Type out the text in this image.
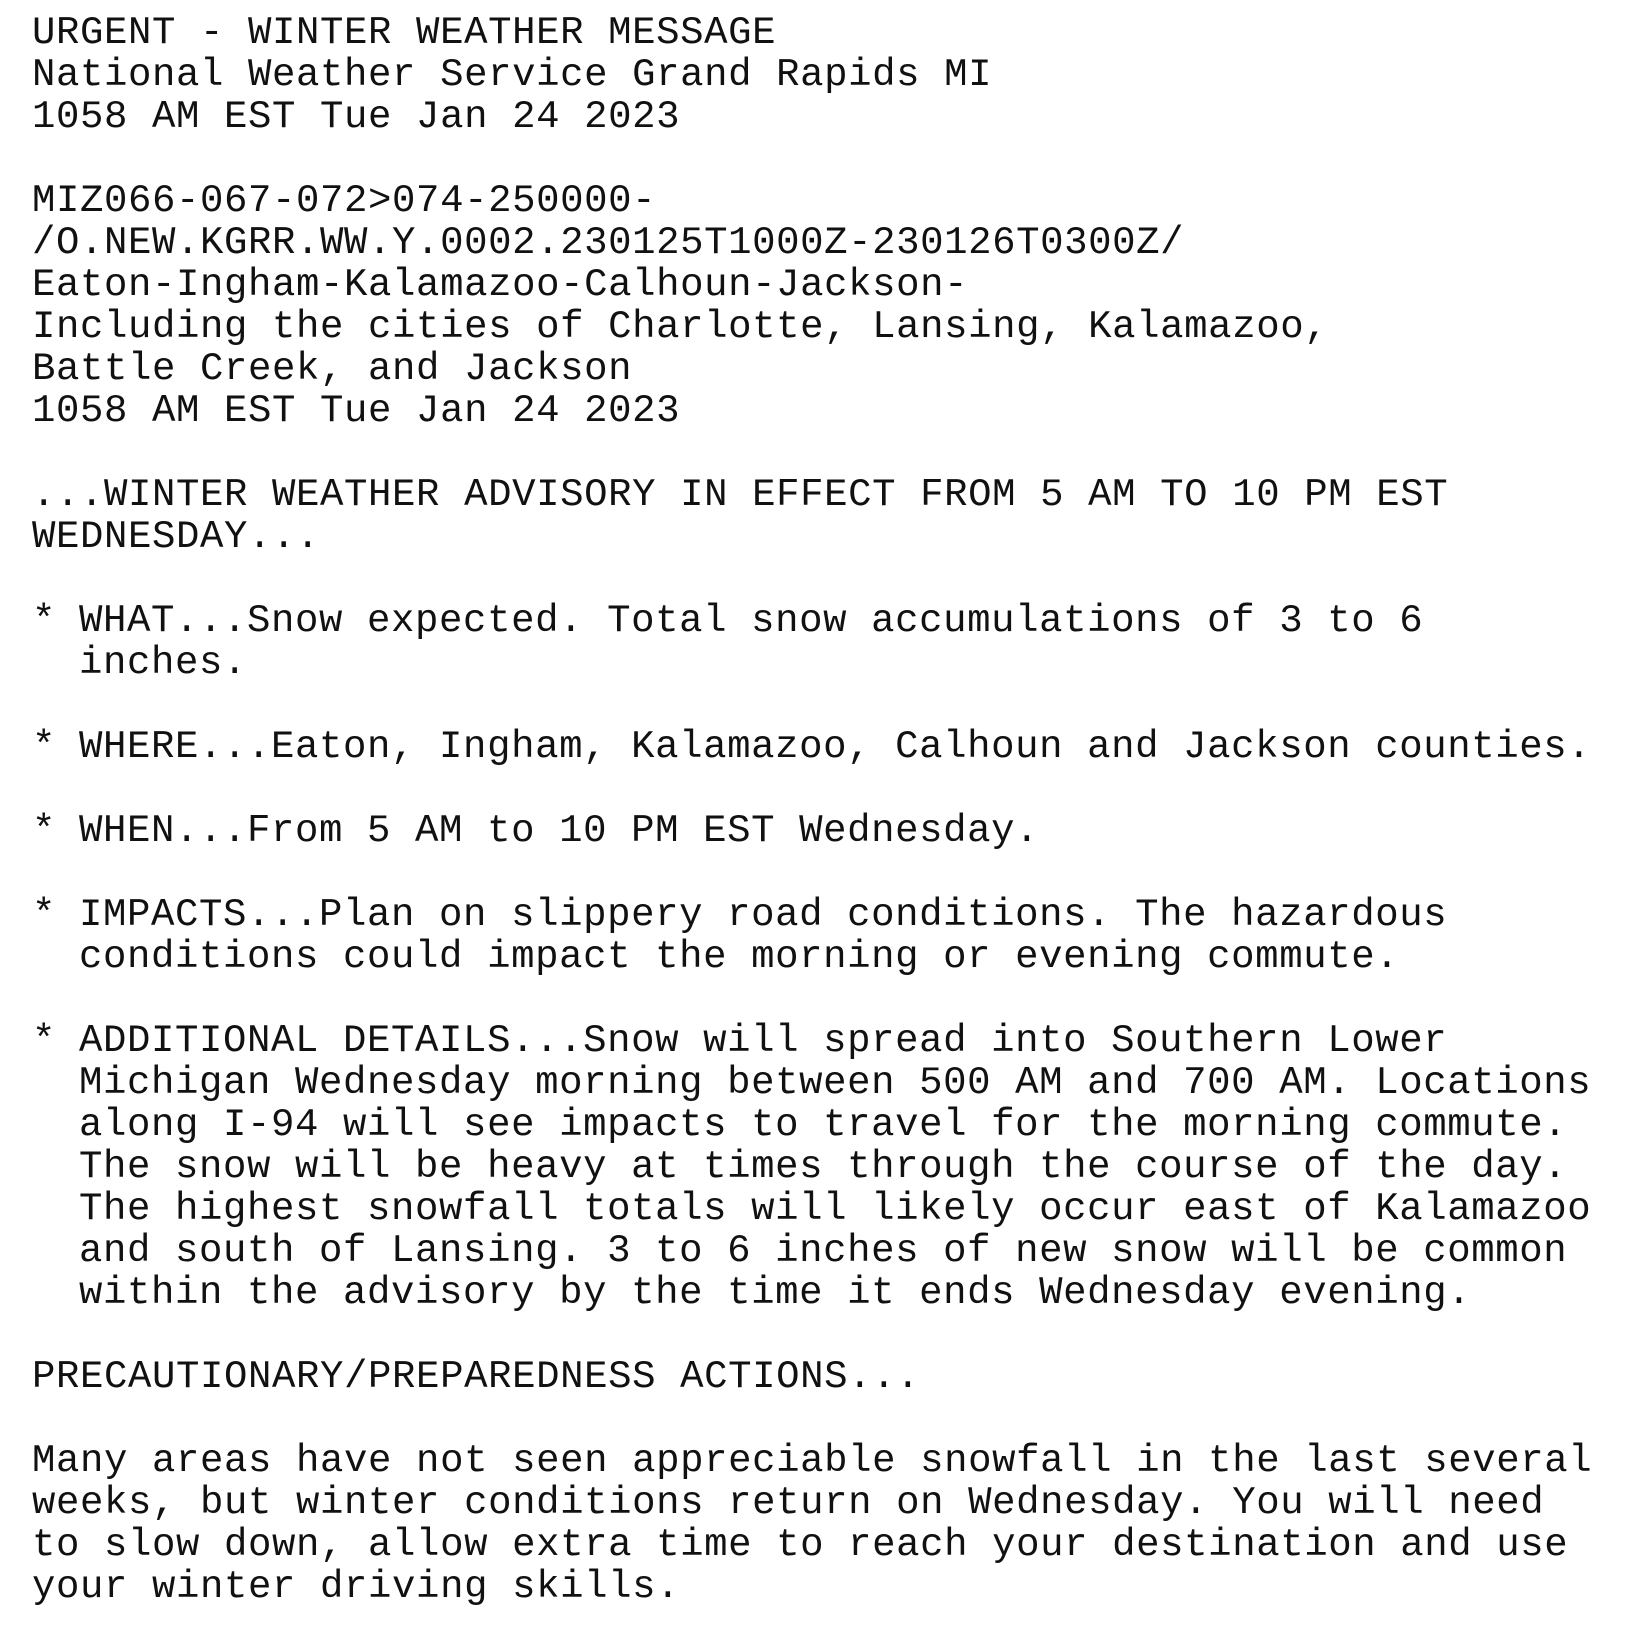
URGENT - WINTER WEATHER MESSAGE
National Weather Service Grand Rapids MI
1058 AM EST Tue Jan 24 2023
MIZ066-067-072>074-250000-
/O.NEW.KGRR.WW.Y.0002.230125T1000Z-230126T0300Z/
Eaton-Ingham-Kalamazoo-Calhoun-Jackson-
Including the cities of Charlotte, Lansing, Kalamazoo,
Battle Creek, and Jackson
1058 AM EST Tue Jan 24 2023
...WINTER WEATHER ADVISORY IN EFFECT FROM 5 AM TO 10 PM EST
WEDNESDAY...
* WHAT...Snow expected. Total snow accumulations of 3 to 6
inches.
* WHERE...Eaton, Ingham, Kalamazoo, Calhoun and Jackson counties.
* WHEN...From 5 AM to 10 PM EST Wednesday.
* IMPACTS...Plan on slippery road conditions. The hazardous
conditions could impact the morning or evening commute.
* ADDITIONAL DETAILS...Snow will spread into Southern Lower
Michigan Wednesday morning between 500 AM and 700 AM. Locations
along I-94 will see impacts to travel for the morning commute.
The snow will be heavy at times through the course of the day.
The highest snowfall totals will likely occur east of Kalamazoo
and south of Lansing. 3 to 6 inches of new snow will be common
within the advisory by the time it ends Wednesday evening.
PRECAUTIONARY/PREPAREDNESS ACTIONS...
Many areas have not seen appreciable snowfall in the last several
weeks, but winter conditions return on Wednesday. You will need
to slow down, allow extra time to reach your destination and use
your winter driving skills.
